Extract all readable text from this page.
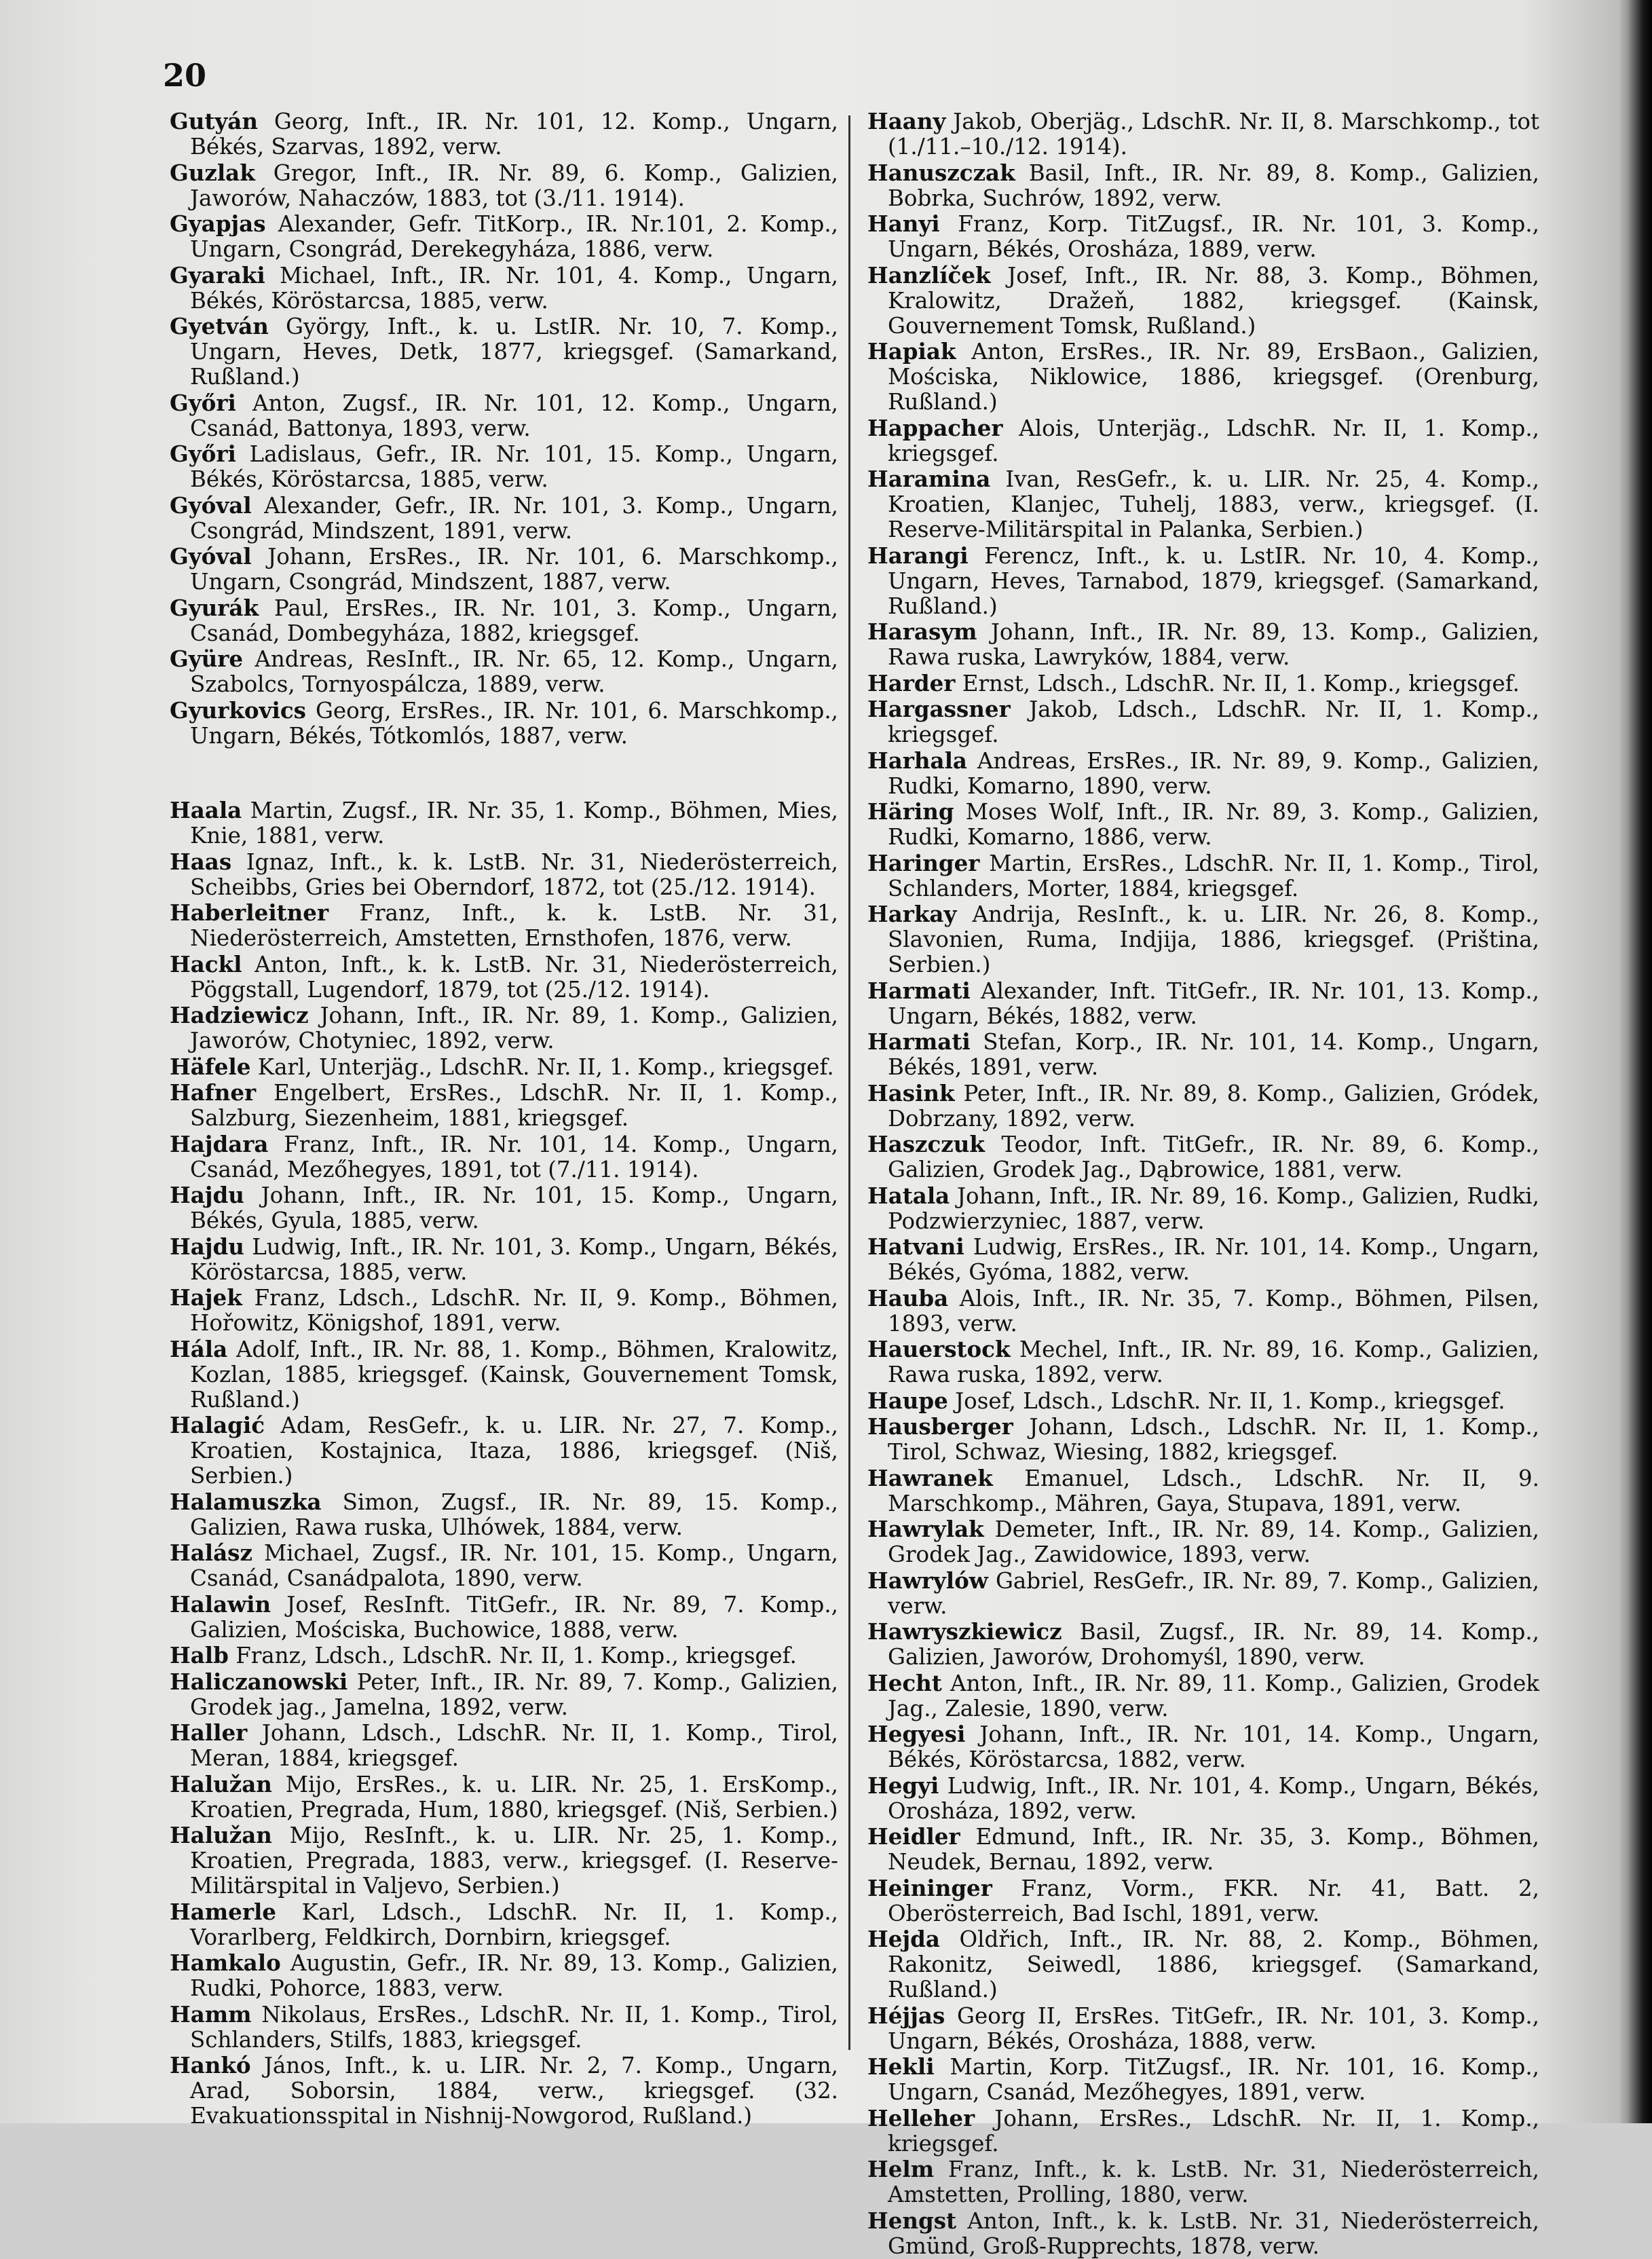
20

Gutyán Georg, Inft., IR. Nr. 101, 12. Komp., Ungarn, Békés, Szarvas, 1892, verw.

Guzlak Gregor, Inft., IR. Nr. 89, 6. Komp., Galizien, Jaworów, Nahaczów, 1883, tot (3./11. 1914).

Gyapjas Alexander, Gefr. TitKorp., IR. Nr.101, 2. Komp., Ungarn, Csongrád, Derekegyháza, 1886, verw.

Gyaraki Michael, Inft., IR. Nr. 101, 4. Komp., Ungarn, Békés, Köröstarcsa, 1885, verw.

Gyetván György, Inft., k. u. LstIR. Nr. 10, 7. Komp., Ungarn, Heves, Detk, 1877, kriegsgef. (Samarkand, Rußland.)

Győri Anton, Zugsf., IR. Nr. 101, 12. Komp., Ungarn, Csanád, Battonya, 1893, verw.

Győri Ladislaus, Gefr., IR. Nr. 101, 15. Komp., Ungarn, Békés, Köröstarcsa, 1885, verw.

Gyóval Alexander, Gefr., IR. Nr. 101, 3. Komp., Ungarn, Csongrád, Mindszent, 1891, verw.

Gyóval Johann, ErsRes., IR. Nr. 101, 6. Marschkomp., Ungarn, Csongrád, Mindszent, 1887, verw.

Gyurák Paul, ErsRes., IR. Nr. 101, 3. Komp., Ungarn, Csanád, Dombegyháza, 1882, kriegsgef.

Gyüre Andreas, ResInft., IR. Nr. 65, 12. Komp., Ungarn, Szabolcs, Tornyospálcza, 1889, verw.

Gyurkovics Georg, ErsRes., IR. Nr. 101, 6. Marschkomp., Ungarn, Békés, Tótkomlós, 1887, verw.

Haala Martin, Zugsf., IR. Nr. 35, 1. Komp., Böhmen, Mies, Knie, 1881, verw.

Haas Ignaz, Inft., k. k. LstB. Nr. 31, Niederösterreich, Scheibbs, Gries bei Oberndorf, 1872, tot (25./12. 1914).

Haberleitner Franz, Inft., k. k. LstB. Nr. 31, Niederösterreich, Amstetten, Ernsthofen, 1876, verw.

Hackl Anton, Inft., k. k. LstB. Nr. 31, Niederösterreich, Pöggstall, Lugendorf, 1879, tot (25./12. 1914).

Hadziewicz Johann, Inft., IR. Nr. 89, 1. Komp., Galizien, Jaworów, Chotyniec, 1892, verw.

Häfele Karl, Unterjäg., LdschR. Nr. II, 1. Komp., kriegsgef.

Hafner Engelbert, ErsRes., LdschR. Nr. II, 1. Komp., Salzburg, Siezenheim, 1881, kriegsgef.

Hajdara Franz, Inft., IR. Nr. 101, 14. Komp., Ungarn, Csanád, Mezőhegyes, 1891, tot (7./11. 1914).

Hajdu Johann, Inft., IR. Nr. 101, 15. Komp., Ungarn, Békés, Gyula, 1885, verw.

Hajdu Ludwig, Inft., IR. Nr. 101, 3. Komp., Ungarn, Békés, Köröstarcsa, 1885, verw.

Hajek Franz, Ldsch., LdschR. Nr. II, 9. Komp., Böhmen, Hořowitz, Königshof, 1891, verw.

Hála Adolf, Inft., IR. Nr. 88, 1. Komp., Böhmen, Kralowitz, Kozlan, 1885, kriegsgef. (Kainsk, Gouvernement Tomsk, Rußland.)

Halagić Adam, ResGefr., k. u. LIR. Nr. 27, 7. Komp., Kroatien, Kostajnica, Itaza, 1886, kriegsgef. (Niš, Serbien.)

Halamuszka Simon, Zugsf., IR. Nr. 89, 15. Komp., Galizien, Rawa ruska, Ulhówek, 1884, verw.

Halász Michael, Zugsf., IR. Nr. 101, 15. Komp., Ungarn, Csanád, Csanádpalota, 1890, verw.

Halawin Josef, ResInft. TitGefr., IR. Nr. 89, 7. Komp., Galizien, Mościska, Buchowice, 1888, verw.

Halb Franz, Ldsch., LdschR. Nr. II, 1. Komp., kriegsgef.

Haliczanowski Peter, Inft., IR. Nr. 89, 7. Komp., Galizien, Grodek jag., Jamelna, 1892, verw.

Haller Johann, Ldsch., LdschR. Nr. II, 1. Komp., Tirol, Meran, 1884, kriegsgef.

Halužan Mijo, ErsRes., k. u. LIR. Nr. 25, 1. ErsKomp., Kroatien, Pregrada, Hum, 1880, kriegsgef. (Niš, Serbien.)

Halužan Mijo, ResInft., k. u. LIR. Nr. 25, 1. Komp., Kroatien, Pregrada, 1883, verw., kriegsgef. (I. Reserve-Militärspital in Valjevo, Serbien.)

Hamerle Karl, Ldsch., LdschR. Nr. II, 1. Komp., Vorarlberg, Feldkirch, Dornbirn, kriegsgef.

Hamkalo Augustin, Gefr., IR. Nr. 89, 13. Komp., Galizien, Rudki, Pohorce, 1883, verw.

Hamm Nikolaus, ErsRes., LdschR. Nr. II, 1. Komp., Tirol, Schlanders, Stilfs, 1883, kriegsgef.

Hankó János, Inft., k. u. LIR. Nr. 2, 7. Komp., Ungarn, Arad, Soborsin, 1884, verw., kriegsgef. (32. Evakuationsspital in Nishnij-Nowgorod, Rußland.)

Haany Jakob, Oberjäg., LdschR. Nr. II, 8. Marschkomp., tot (1./11.–10./12. 1914).

Hanuszczak Basil, Inft., IR. Nr. 89, 8. Komp., Galizien, Bobrka, Suchrów, 1892, verw.

Hanyi Franz, Korp. TitZugsf., IR. Nr. 101, 3. Komp., Ungarn, Békés, Orosháza, 1889, verw.

Hanzlíček Josef, Inft., IR. Nr. 88, 3. Komp., Böhmen, Kralowitz, Dražeň, 1882, kriegsgef. (Kainsk, Gouvernement Tomsk, Rußland.)

Hapiak Anton, ErsRes., IR. Nr. 89, ErsBaon., Galizien, Mościska, Niklowice, 1886, kriegsgef. (Orenburg, Rußland.)

Happacher Alois, Unterjäg., LdschR. Nr. II, 1. Komp., kriegsgef.

Haramina Ivan, ResGefr., k. u. LIR. Nr. 25, 4. Komp., Kroatien, Klanjec, Tuhelj, 1883, verw., kriegsgef. (I. Reserve-Militärspital in Palanka, Serbien.)

Harangi Ferencz, Inft., k. u. LstIR. Nr. 10, 4. Komp., Ungarn, Heves, Tarnabod, 1879, kriegsgef. (Samarkand, Rußland.)

Harasym Johann, Inft., IR. Nr. 89, 13. Komp., Galizien, Rawa ruska, Lawryków, 1884, verw.

Harder Ernst, Ldsch., LdschR. Nr. II, 1. Komp., kriegsgef.

Hargassner Jakob, Ldsch., LdschR. Nr. II, 1. Komp., kriegsgef.

Harhala Andreas, ErsRes., IR. Nr. 89, 9. Komp., Galizien, Rudki, Komarno, 1890, verw.

Häring Moses Wolf, Inft., IR. Nr. 89, 3. Komp., Galizien, Rudki, Komarno, 1886, verw.

Haringer Martin, ErsRes., LdschR. Nr. II, 1. Komp., Tirol, Schlanders, Morter, 1884, kriegsgef.

Harkay Andrija, ResInft., k. u. LIR. Nr. 26, 8. Komp., Slavonien, Ruma, Indjija, 1886, kriegsgef. (Priština, Serbien.)

Harmati Alexander, Inft. TitGefr., IR. Nr. 101, 13. Komp., Ungarn, Békés, 1882, verw.

Harmati Stefan, Korp., IR. Nr. 101, 14. Komp., Ungarn, Békés, 1891, verw.

Hasink Peter, Inft., IR. Nr. 89, 8. Komp., Galizien, Gródek, Dobrzany, 1892, verw.

Haszczuk Teodor, Inft. TitGefr., IR. Nr. 89, 6. Komp., Galizien, Grodek Jag., Dąbrowice, 1881, verw.

Hatala Johann, Inft., IR. Nr. 89, 16. Komp., Galizien, Rudki, Podzwierzyniec, 1887, verw.

Hatvani Ludwig, ErsRes., IR. Nr. 101, 14. Komp., Ungarn, Békés, Gyóma, 1882, verw.

Hauba Alois, Inft., IR. Nr. 35, 7. Komp., Böhmen, Pilsen, 1893, verw.

Hauerstock Mechel, Inft., IR. Nr. 89, 16. Komp., Galizien, Rawa ruska, 1892, verw.

Haupe Josef, Ldsch., LdschR. Nr. II, 1. Komp., kriegsgef.

Hausberger Johann, Ldsch., LdschR. Nr. II, 1. Komp., Tirol, Schwaz, Wiesing, 1882, kriegsgef.

Hawranek Emanuel, Ldsch., LdschR. Nr. II, 9. Marschkomp., Mähren, Gaya, Stupava, 1891, verw.

Hawrylak Demeter, Inft., IR. Nr. 89, 14. Komp., Galizien, Grodek Jag., Zawidowice, 1893, verw.

Hawrylów Gabriel, ResGefr., IR. Nr. 89, 7. Komp., Galizien, verw.

Hawryszkiewicz Basil, Zugsf., IR. Nr. 89, 14. Komp., Galizien, Jaworów, Drohomyśl, 1890, verw.

Hecht Anton, Inft., IR. Nr. 89, 11. Komp., Galizien, Grodek Jag., Zalesie, 1890, verw.

Hegyesi Johann, Inft., IR. Nr. 101, 14. Komp., Ungarn, Békés, Köröstarcsa, 1882, verw.

Hegyi Ludwig, Inft., IR. Nr. 101, 4. Komp., Ungarn, Békés, Orosháza, 1892, verw.

Heidler Edmund, Inft., IR. Nr. 35, 3. Komp., Böhmen, Neudek, Bernau, 1892, verw.

Heininger Franz, Vorm., FKR. Nr. 41, Batt. 2, Oberösterreich, Bad Ischl, 1891, verw.

Hejda Oldřich, Inft., IR. Nr. 88, 2. Komp., Böhmen, Rakonitz, Seiwedl, 1886, kriegsgef. (Samarkand, Rußland.)

Héjjas Georg II, ErsRes. TitGefr., IR. Nr. 101, 3. Komp., Ungarn, Békés, Orosháza, 1888, verw.

Hekli Martin, Korp. TitZugsf., IR. Nr. 101, 16. Komp., Ungarn, Csanád, Mezőhegyes, 1891, verw.

Helleher Johann, ErsRes., LdschR. Nr. II, 1. Komp., kriegsgef.

Helm Franz, Inft., k. k. LstB. Nr. 31, Niederösterreich, Amstetten, Prolling, 1880, verw.

Hengst Anton, Inft., k. k. LstB. Nr. 31, Niederösterreich, Gmünd, Groß-Rupprechts, 1878, verw.
